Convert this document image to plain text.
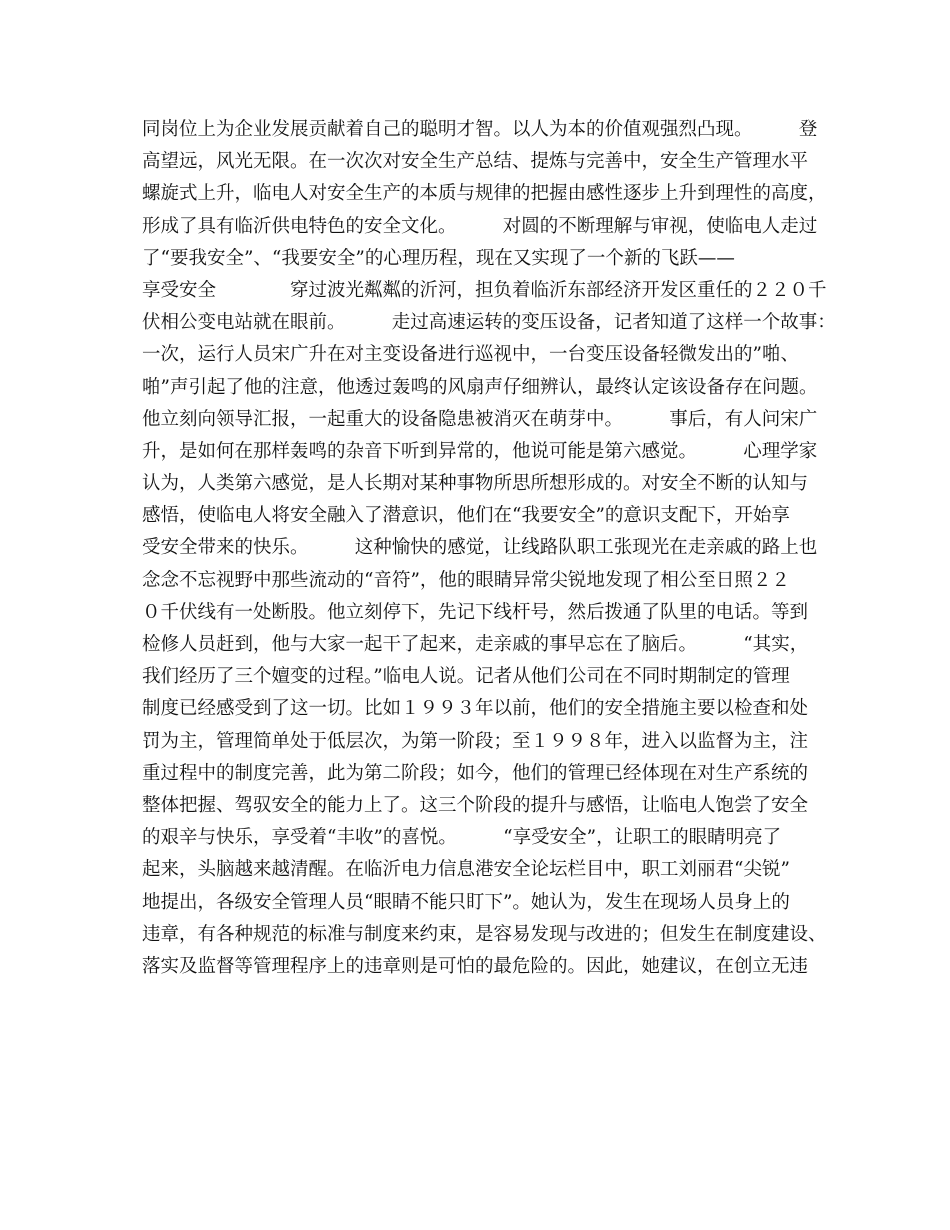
同岗位上为企业发展贡献着自己的聪明才智。以人为本的价值观强烈凸现。　　　登

高望远，风光无限。在一次次对安全生产总结、提炼与完善中，安全生产管理水平

螺旋式上升，临电人对安全生产的本质与规律的把握由感性逐步上升到理性的高度，

形成了具有临沂供电特色的安全文化。　　　对圆的不断理解与审视，使临电人走过

了“要我安全”、“我要安全”的心理历程，现在又实现了一个新的飞跃——

享受安全　　　　穿过波光粼粼的沂河，担负着临沂东部经济开发区重任的２２０千

伏相公变电站就在眼前。　　　走过高速运转的变压设备，记者知道了这样一个故事：

一次，运行人员宋广升在对主变设备进行巡视中，一台变压设备轻微发出的”啪、

啪”声引起了他的注意，他透过轰鸣的风扇声仔细辨认，最终认定该设备存在问题。

他立刻向领导汇报，一起重大的设备隐患被消灭在萌芽中。　　　事后，有人问宋广

升，是如何在那样轰鸣的杂音下听到异常的，他说可能是第六感觉。　　　心理学家

认为，人类第六感觉，是人长期对某种事物所思所想形成的。对安全不断的认知与

感悟，使临电人将安全融入了潜意识，他们在“我要安全”的意识支配下，开始享

受安全带来的快乐。　　　这种愉快的感觉，让线路队职工张现光在走亲戚的路上也

念念不忘视野中那些流动的“音符”，他的眼睛异常尖锐地发现了相公至日照２２

０千伏线有一处断股。他立刻停下，先记下线杆号，然后拨通了队里的电话。等到

检修人员赶到，他与大家一起干了起来，走亲戚的事早忘在了脑后。　　　“其实，

我们经历了三个嬗变的过程。”临电人说。记者从他们公司在不同时期制定的管理

制度已经感受到了这一切。比如１９９３年以前，他们的安全措施主要以检查和处

罚为主，管理简单处于低层次，为第一阶段；至１９９８年，进入以监督为主，注

重过程中的制度完善，此为第二阶段；如今，他们的管理已经体现在对生产系统的

整体把握、驾驭安全的能力上了。这三个阶段的提升与感悟，让临电人饱尝了安全

的艰辛与快乐，享受着“丰收”的喜悦。　　　“享受安全”，让职工的眼睛明亮了

起来，头脑越来越清醒。在临沂电力信息港安全论坛栏目中，职工刘丽君“尖锐”

地提出，各级安全管理人员“眼睛不能只盯下”。她认为，发生在现场人员身上的

违章，有各种规范的标准与制度来约束，是容易发现与改进的；但发生在制度建设、

落实及监督等管理程序上的违章则是可怕的最危险的。因此，她建议，在创立无违
